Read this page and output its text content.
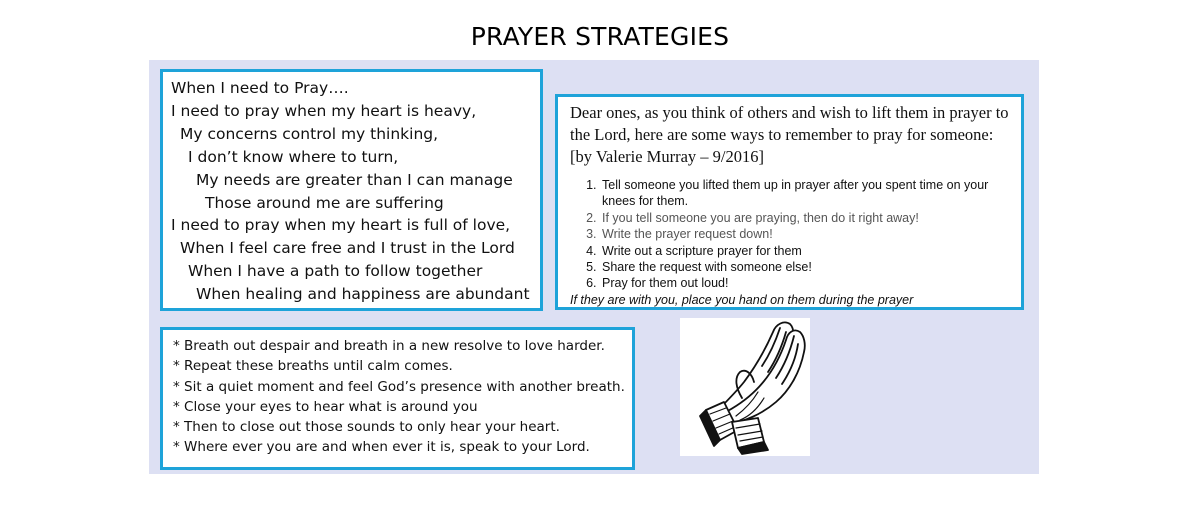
PRAYER STRATEGIES
When I need to Pray….
I need to pray when my heart is heavy,
My concerns control my thinking,
I don’t know where to turn,
My needs are greater than I can manage
Those around me are suffering
I need to pray when my heart is full of love,
When I feel care free and I trust in the Lord
When I have a path to follow together
When healing and happiness are abundant
Dear ones, as you think of others and wish to lift them in prayer to the Lord, here are some ways to remember to pray for someone: [by Valerie Murray – 9/2016]
1. Tell someone you lifted them up in prayer after you spent time on your knees for them.
2. If you tell someone you are praying, then do it right away!
3. Write the prayer request down!
4. Write out a scripture prayer for them
5. Share the request with someone else!
6. Pray for them out loud!
If they are with you, place you hand on them during the prayer
* Breath out despair and breath in a new resolve to love harder.
* Repeat these breaths until calm comes.
* Sit a quiet moment and feel God’s presence with another breath.
* Close your eyes to hear what is around you
* Then to close out those sounds to only hear your heart.
* Where ever you are and when ever it is, speak to your Lord.
